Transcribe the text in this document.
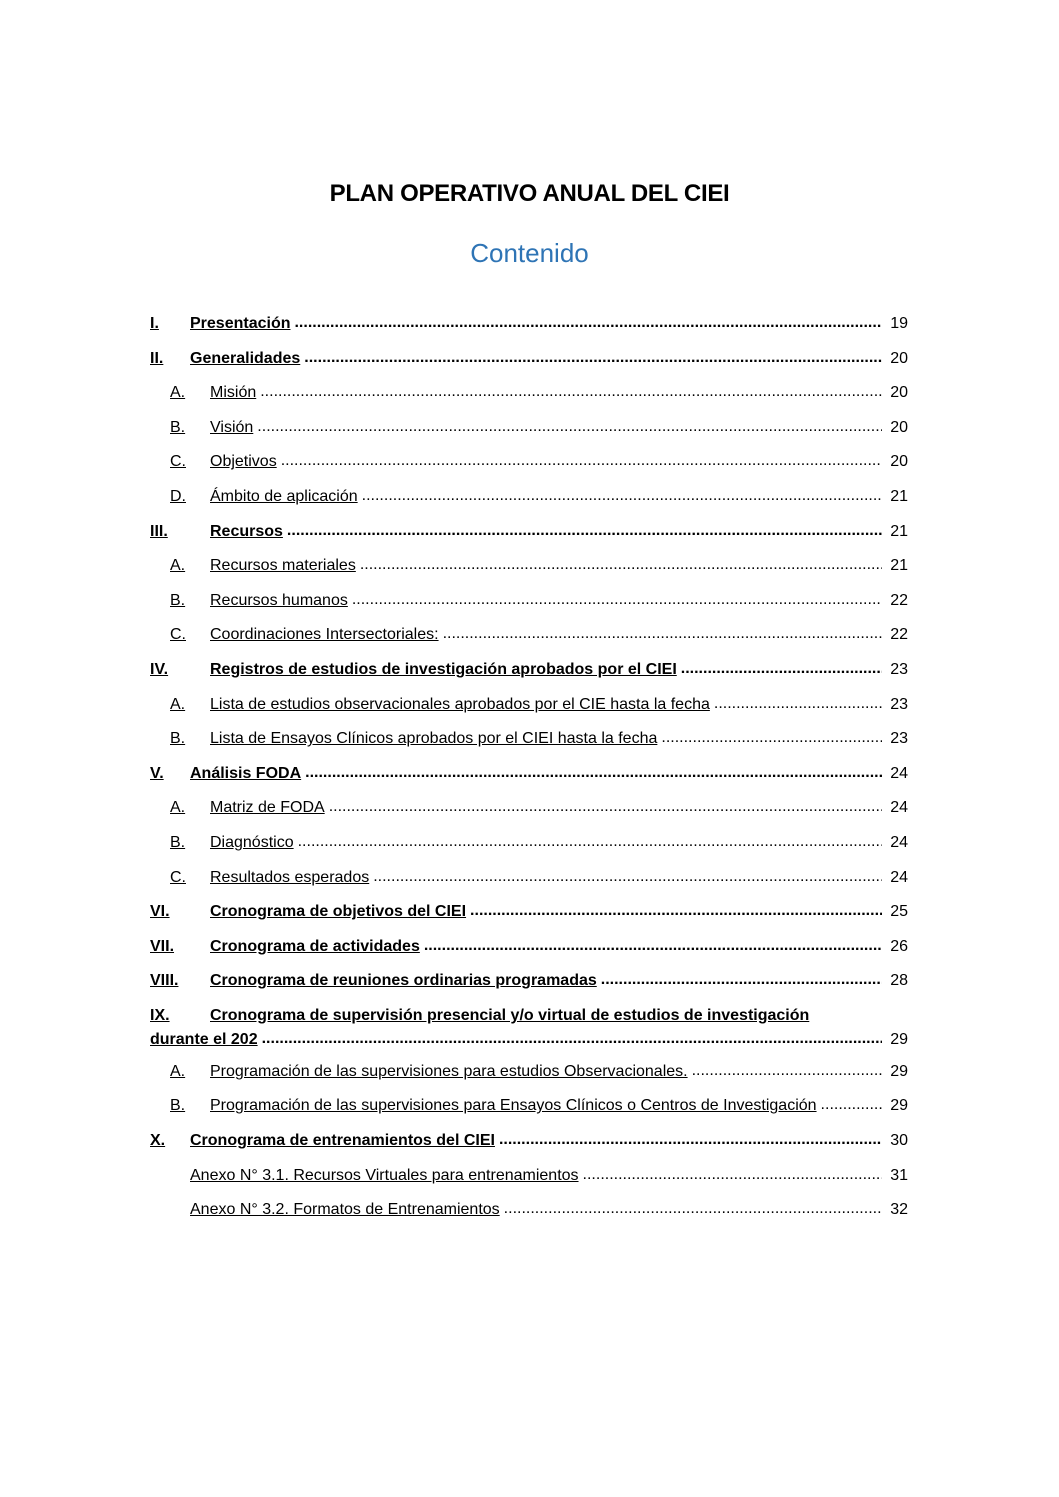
PLAN OPERATIVO ANUAL DEL CIEI
Contenido
I.	Presentación .....	19
II.	Generalidades .....	20
A.	Misión .....	20
B.	Visión .....	20
C.	Objetivos .....	20
D.	Ámbito de aplicación .....	21
III.	Recursos .....	21
A.	Recursos materiales .....	21
B.	Recursos humanos .....	22
C.	Coordinaciones Intersectoriales: .....	22
IV.	Registros de estudios de investigación aprobados por el CIEI .....	23
A.	Lista de estudios observacionales aprobados por el CIE hasta la fecha .....	23
B.	Lista de Ensayos Clínicos aprobados por el CIEI hasta la fecha .....	23
V.	Análisis FODA .....	24
A.	Matriz de FODA .....	24
B.	Diagnóstico .....	24
C.	Resultados esperados .....	24
VI.	Cronograma de objetivos del CIEI .....	25
VII.	Cronograma de actividades .....	26
VIII.	Cronograma de reuniones ordinarias programadas .....	28
IX.	Cronograma de supervisión presencial y/o virtual de estudios de investigación
durante el 202 .....	29
A.	Programación de las supervisiones para estudios Observacionales. .....	29
B.	Programación de las supervisiones para Ensayos Clínicos o Centros de Investigación .....	29
X.	Cronograma de entrenamientos del CIEI .....	30
Anexo N° 3.1. Recursos Virtuales para entrenamientos .....	31
Anexo N° 3.2. Formatos de Entrenamientos .....	32
